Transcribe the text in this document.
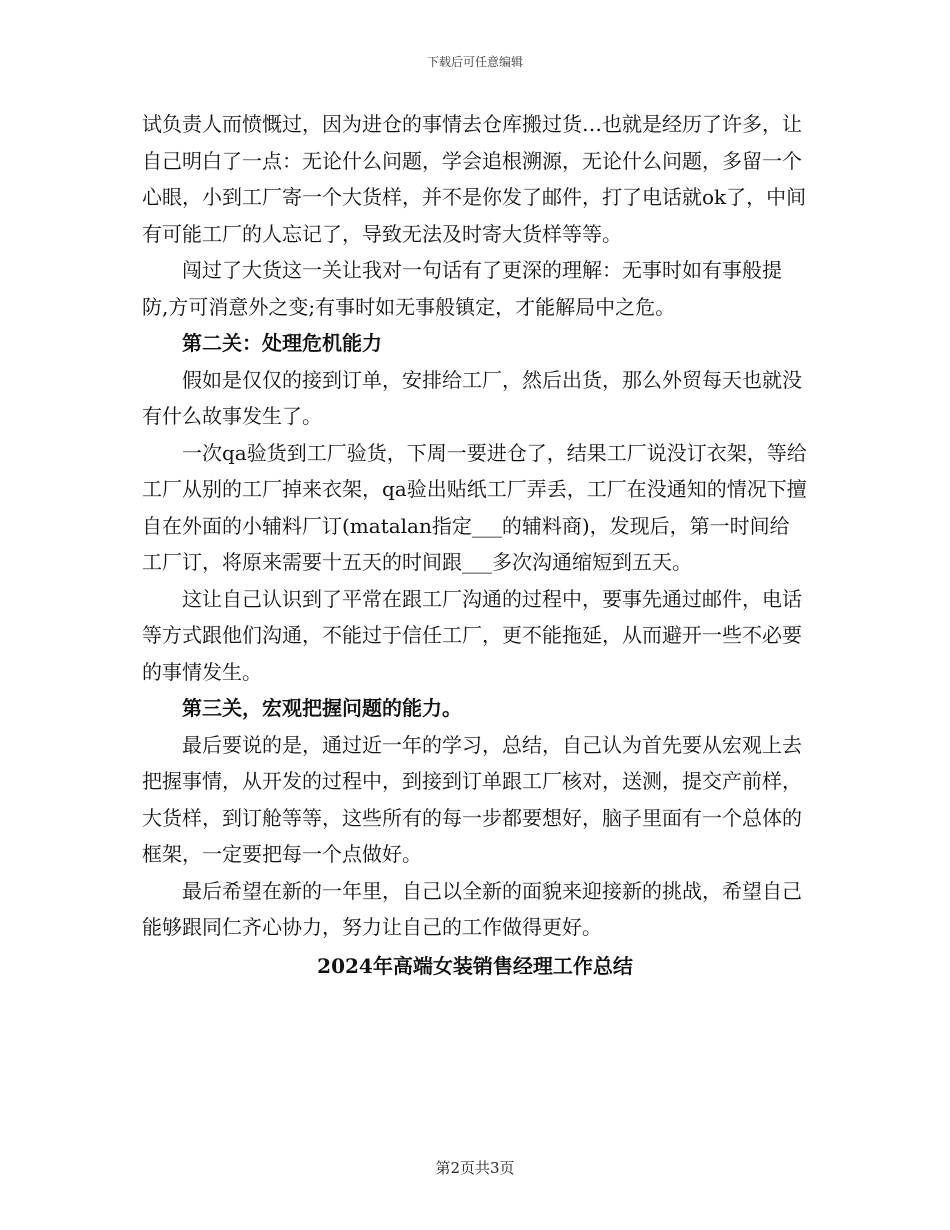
下载后可任意编辑

试负责人而愤慨过，因为进仓的事情去仓库搬过货…也就是经历了许多，让自己明白了一点：无论什么问题，学会追根溯源，无论什么问题，多留一个心眼，小到工厂寄一个大货样，并不是你发了邮件，打了电话就ok了，中间有可能工厂的人忘记了，导致无法及时寄大货样等等。

闯过了大货这一关让我对一句话有了更深的理解：无事时如有事般提防,方可消意外之变;有事时如无事般镇定，才能解局中之危。

第二关：处理危机能力

假如是仅仅的接到订单，安排给工厂，然后出货，那么外贸每天也就没有什么故事发生了。

一次qa验货到工厂验货，下周一要进仓了，结果工厂说没订衣架，等给工厂从别的工厂掉来衣架，qa验出贴纸工厂弄丢，工厂在没通知的情况下擅自在外面的小辅料厂订(matalan指定___的辅料商)，发现后，第一时间给工厂订，将原来需要十五天的时间跟___多次沟通缩短到五天。

这让自己认识到了平常在跟工厂沟通的过程中，要事先通过邮件，电话等方式跟他们沟通，不能过于信任工厂，更不能拖延，从而避开一些不必要的事情发生。

第三关，宏观把握问题的能力。

最后要说的是，通过近一年的学习，总结，自己认为首先要从宏观上去把握事情，从开发的过程中，到接到订单跟工厂核对，送测，提交产前样，大货样，到订舱等等，这些所有的每一步都要想好，脑子里面有一个总体的框架，一定要把每一个点做好。

最后希望在新的一年里，自己以全新的面貌来迎接新的挑战，希望自己能够跟同仁齐心协力，努力让自己的工作做得更好。

2024年高端女装销售经理工作总结

第2页共3页
